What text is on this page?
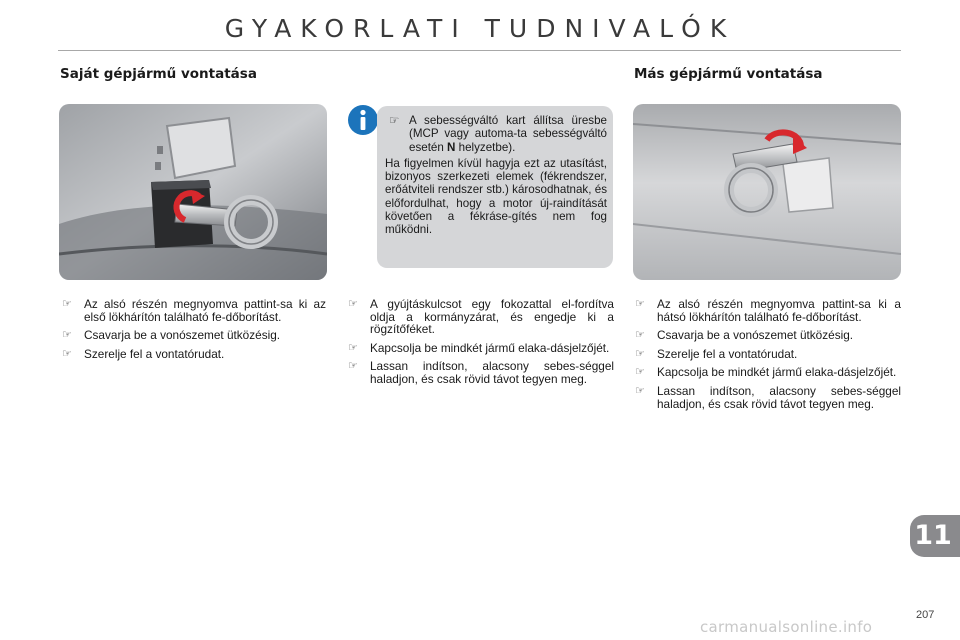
GYAKORLATI TUDNIVALÓK
Saját gépjármű vontatása	Más gépjármű vontatása
☞ A sebességváltó kart állítsa üresbe (MCP vagy automa-ta sebességváltó esetén N helyzetbe).
Ha figyelmen kívül hagyja ezt az utasítást, bizonyos szerkezeti elemek (fékrendszer, erőátviteli rendszer stb.) károsodhatnak, és előfordulhat, hogy a motor új-raindítását követően a fékráse-gítés nem fog működni.
☞ Az alsó részén megnyomva pattint-sa ki az első lökhárítón található fe-dőborítást.
☞ Csavarja be a vonószemet ütközésig.
☞ Szerelje fel a vontatórudat.
☞ A gyújtáskulcsot egy fokozattal el-fordítva oldja a kormányzárat, és engedje ki a rögzítőféket.
☞ Kapcsolja be mindkét jármű elaka-dásjelzőjét.
☞ Lassan indítson, alacsony sebes-séggel haladjon, és csak rövid távot tegyen meg.
☞ Az alsó részén megnyomva pattint-sa ki a hátsó lökhárítón található fe-dőborítást.
☞ Csavarja be a vonószemet ütközésig.
☞ Szerelje fel a vontatórudat.
☞ Kapcsolja be mindkét jármű elaka-dásjelzőjét.
☞ Lassan indítson, alacsony sebes-séggel haladjon, és csak rövid távot tegyen meg.
11
207
carmanualsonline.info
